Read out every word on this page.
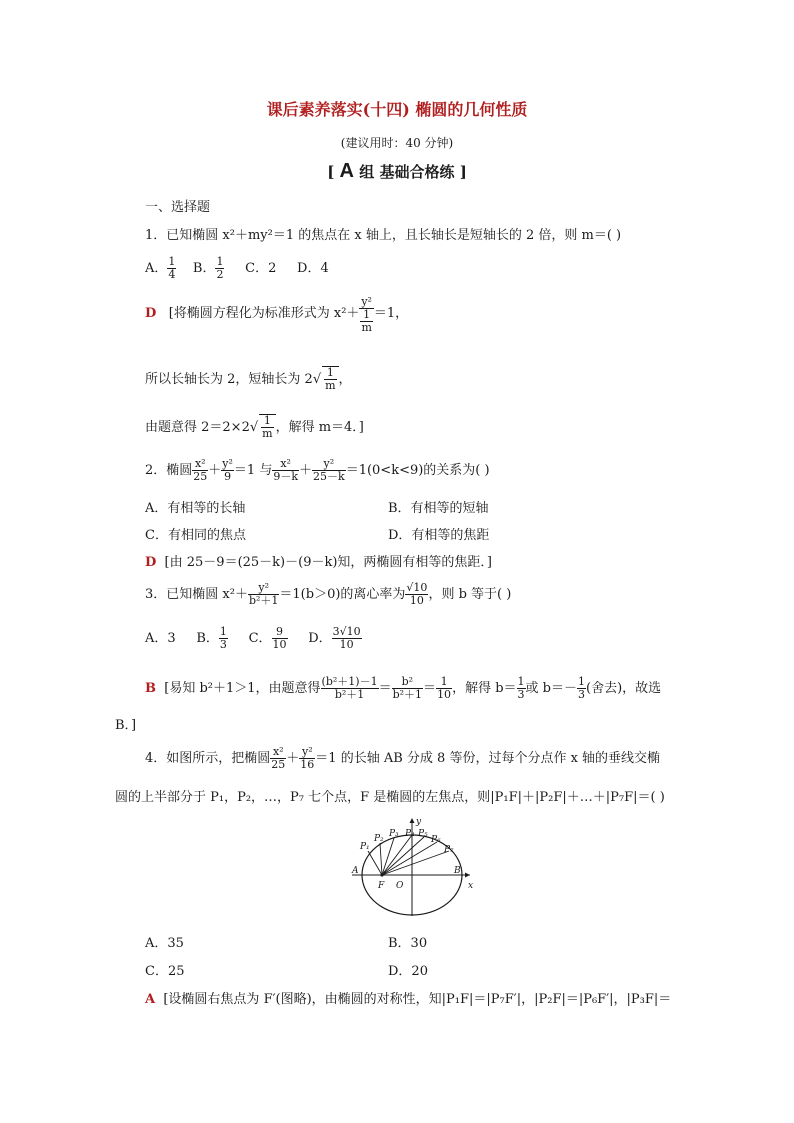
课后素养落实(十四) 椭圆的几何性质
(建议用时：40 分钟)
[ A 组 基础合格练 ]
一、选择题
1．已知椭圆 x²＋my²＝1 的焦点在 x 轴上，且长轴长是短轴长的 2 倍，则 m＝( )
A． $\frac{1}{4}$ B． $\frac{1}{2}$ C．2 D．4
D [将椭圆方程化为标准形式为 x²＋ y²
1
m ＝1，
所以长轴长为 2，短轴长为 $2√ \frac{1}{m}$ ，
由题意得 $2=2\times 2√ \frac{1}{m}$ ，解得 m＝4．]
2．椭圆 $\frac{\text{x²}}{25} + \frac{\text{y²}}{9} =1$ 与 $\frac{\text{x²}}{9-k} + \frac{\text{y²}}{25-k} =1(0<k<9)$的关系为( )
A．有相等的长轴	B．有相等的短轴
C．有相同的焦点	D．有相等的焦距
D [由 25－9＝(25－k)－(9－k)知，两椭圆有相等的焦距．]
3．已知椭圆 $x^2+ \frac{\text{y²}}{\text{b²＋1}} =1(b>0)$的离心率为 $\frac{√10}{10}$ ，则 b 等于( )
A．3 B． $\frac{1}{3}$ C． $\frac{9}{10}$ D． $\frac{3√10}{10}$
B [易知 b²＋1＞1，由题意得 $\frac{\text{(b²＋1)－1}}{\text{b²＋1}} = \frac{\text{b²}}{\text{b²＋1}} = \frac{1}{10}$ ，解得 $b= \frac{1}{3}$ 或 $b=- \frac{1}{3}$ (舍去)，故选
B．]
4．如图所示，把椭圆 $\frac{\text{x²}}{25} + \frac{\text{y²}}{16} =1$ 的长轴 AB 分成 8 等份，过每个分点作 x 轴的垂线交椭
圆的上半部分于 P₁，P₂，…，P₇ 七个点，F 是椭圆的左焦点，则|P₁F|＋|P₂F|＋…＋|P₇F|＝( )
y
x
A	B
F O
P₁
P₂ P₃ P₄ P₅
P₆
P₇
A．35	B．30
C．25	D．20
A [设椭圆右焦点为 F′(图略)，由椭圆的对称性，知|P₁F|＝|P₇F′|，|P₂F|＝|P₆F′|，|P₃F|＝
